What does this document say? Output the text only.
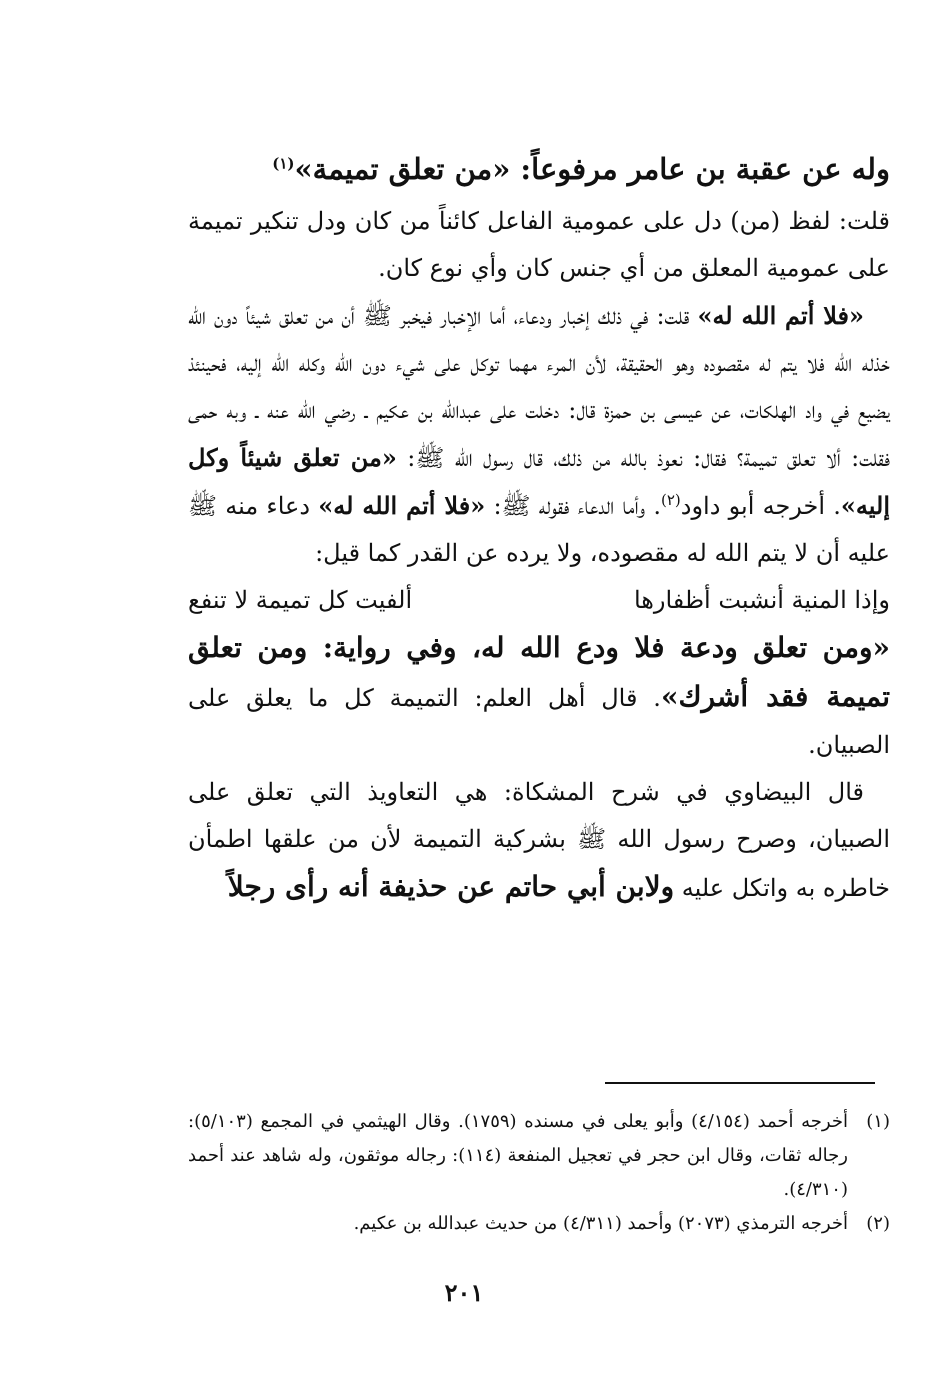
وله عن عقبة بن عامر مرفوعاً: «من تعلق تميمة»$^{(١)}$

قلت: لفظ (من) دل على عمومية الفاعل كائناً من كان ودل تنكير تميمة على عمومية المعلق من أي جنس كان وأي نوع كان.

«فلا أتم الله له» قلت: في ذلك إخبار ودعاء، أما الإخبار فيخبر ﷺ أن من تعلق شيئاً دون الله خذله الله فلا يتم له مقصوده وهو الحقيقة، لأن المرء مهما توكل على شيء دون الله وكله الله إليه، فحينئذ يضيع في واد الهلكات، عن عيسى بن حمزة قال: دخلت على عبدالله بن عكيم ـ رضي الله عنه ـ وبه حمى فقلت: ألا تعلق تميمة؟ فقال: نعوذ بالله من ذلك، قال رسول الله ﷺ: «من تعلق شيئاً وكل إليه». أخرجه أبو داود$^{(٢)}$. وأما الدعاء فقوله ﷺ: «فلا أتم الله له» دعاء منه ﷺ عليه أن لا يتم الله له مقصوده، ولا يرده عن القدر كما قيل:

وإذا المنية أنشبت أظفارها
ألفيت كل تميمة لا تنفع

«ومن تعلق ودعة فلا ودع الله له، وفي رواية: ومن تعلق تميمة فقد أشرك». قال أهل العلم: التميمة كل ما يعلق على الصبيان.

قال البيضاوي في شرح المشكاة: هي التعاويذ التي تعلق على الصبيان، وصرح رسول الله ﷺ بشركية التميمة لأن من علقها اطمأن خاطره به واتكل عليه ولابن أبي حاتم عن حذيفة أنه رأى رجلاً

(١)
أخرجه أحمد (٤/١٥٤) وأبو يعلى في مسنده (١٧٥٩). وقال الهيثمي في المجمع (٥/١٠٣): رجاله ثقات، وقال ابن حجر في تعجيل المنفعة (١١٤): رجاله موثقون، وله شاهد عند أحمد (٤/٣١٠).
(٢)
أخرجه الترمذي (٢٠٧٣) وأحمد (٤/٣١١) من حديث عبدالله بن عكيم.
٢٠١
